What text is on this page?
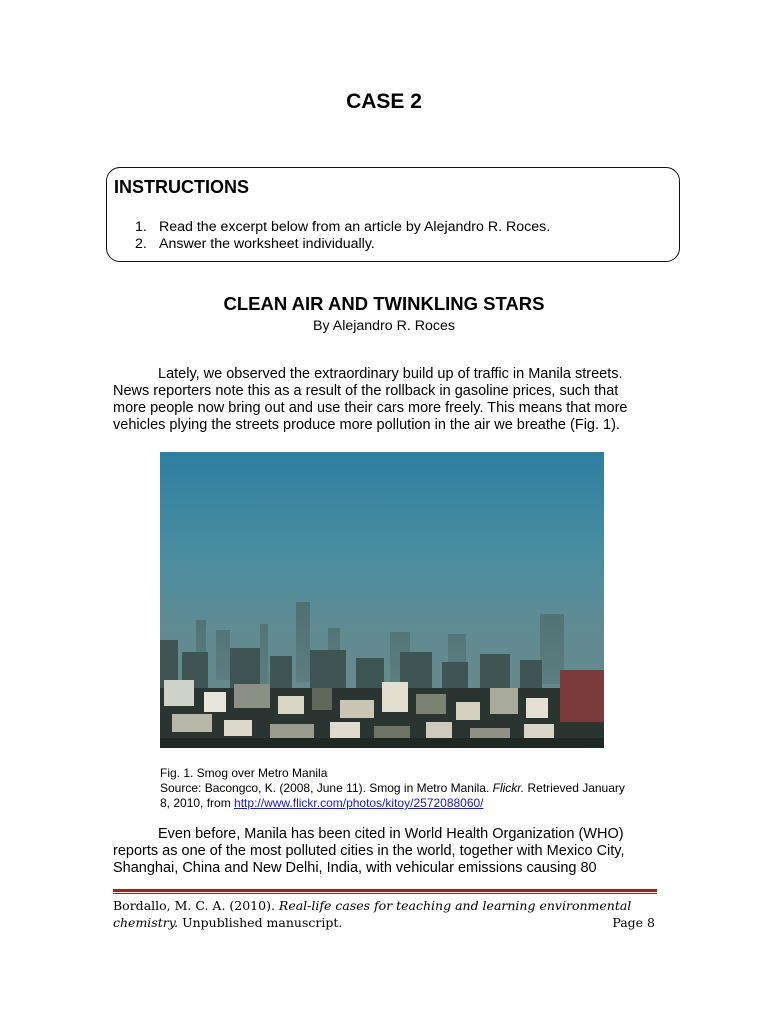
CASE 2
INSTRUCTIONS
1. Read the excerpt below from an article by Alejandro R. Roces.
2. Answer the worksheet individually.
CLEAN AIR AND TWINKLING STARS
By Alejandro R. Roces

Lately, we observed the extraordinary build up of traffic in Manila streets.
News reporters note this as a result of the rollback in gasoline prices, such that
more people now bring out and use their cars more freely. This means that more
vehicles plying the streets produce more pollution in the air we breathe (Fig. 1).

Fig. 1. Smog over Metro Manila
Source: Bacongco, K. (2008, June 11). Smog in Metro Manila. Flickr. Retrieved January
8, 2010, from http://www.flickr.com/photos/kitoy/2572088060/

Even before, Manila has been cited in World Health Organization (WHO)
reports as one of the most polluted cities in the world, together with Mexico City,
Shanghai, China and New Delhi, India, with vehicular emissions causing 80

Bordallo, M. C. A. (2010). Real-life cases for teaching and learning environmental
chemistry. Unpublished manuscript.	Page 8
